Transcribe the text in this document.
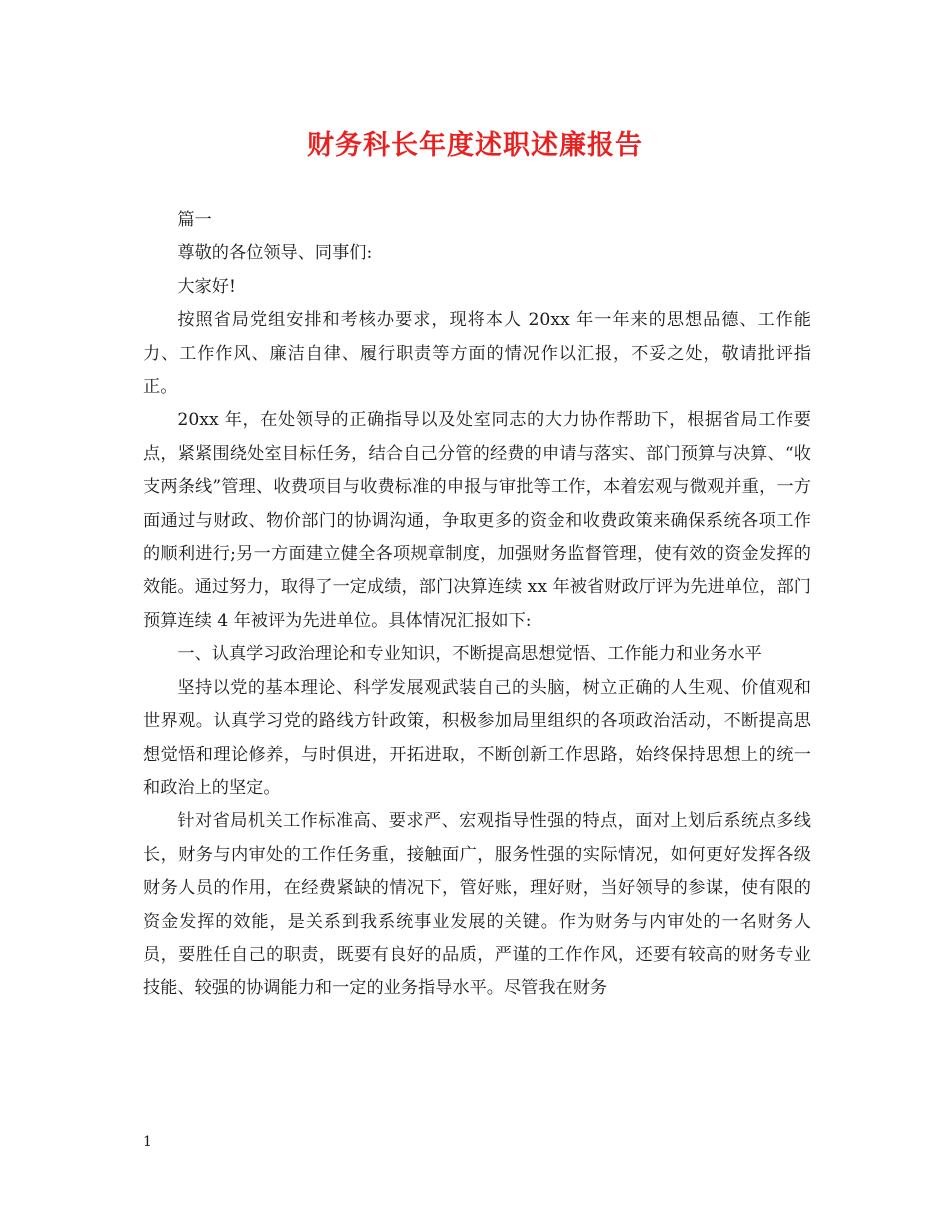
财务科长年度述职述廉报告

篇一

尊敬的各位领导、同事们:

大家好!

按照省局党组安排和考核办要求，现将本人 20xx 年一年来的思想品德、工作能力、工作作风、廉洁自律、履行职责等方面的情况作以汇报，不妥之处，敬请批评指正。

20xx 年，在处领导的正确指导以及处室同志的大力协作帮助下，根据省局工作要点，紧紧围绕处室目标任务，结合自己分管的经费的申请与落实、部门预算与决算、“收支两条线”管理、收费项目与收费标准的申报与审批等工作，本着宏观与微观并重，一方面通过与财政、物价部门的协调沟通，争取更多的资金和收费政策来确保系统各项工作的顺利进行;另一方面建立健全各项规章制度，加强财务监督管理，使有效的资金发挥的效能。通过努力，取得了一定成绩，部门决算连续 xx 年被省财政厅评为先进单位，部门预算连续 4 年被评为先进单位。具体情况汇报如下:

一、认真学习政治理论和专业知识，不断提高思想觉悟、工作能力和业务水平

坚持以党的基本理论、科学发展观武装自己的头脑，树立正确的人生观、价值观和世界观。认真学习党的路线方针政策，积极参加局里组织的各项政治活动，不断提高思想觉悟和理论修养，与时俱进，开拓进取，不断创新工作思路，始终保持思想上的统一和政治上的坚定。

针对省局机关工作标准高、要求严、宏观指导性强的特点，面对上划后系统点多线长，财务与内审处的工作任务重，接触面广，服务性强的实际情况，如何更好发挥各级财务人员的作用，在经费紧缺的情况下，管好账，理好财，当好领导的参谋，使有限的资金发挥的效能，是关系到我系统事业发展的关键。作为财务与内审处的一名财务人员，要胜任自己的职责，既要有良好的品质，严谨的工作作风，还要有较高的财务专业技能、较强的协调能力和一定的业务指导水平。尽管我在财务

1
